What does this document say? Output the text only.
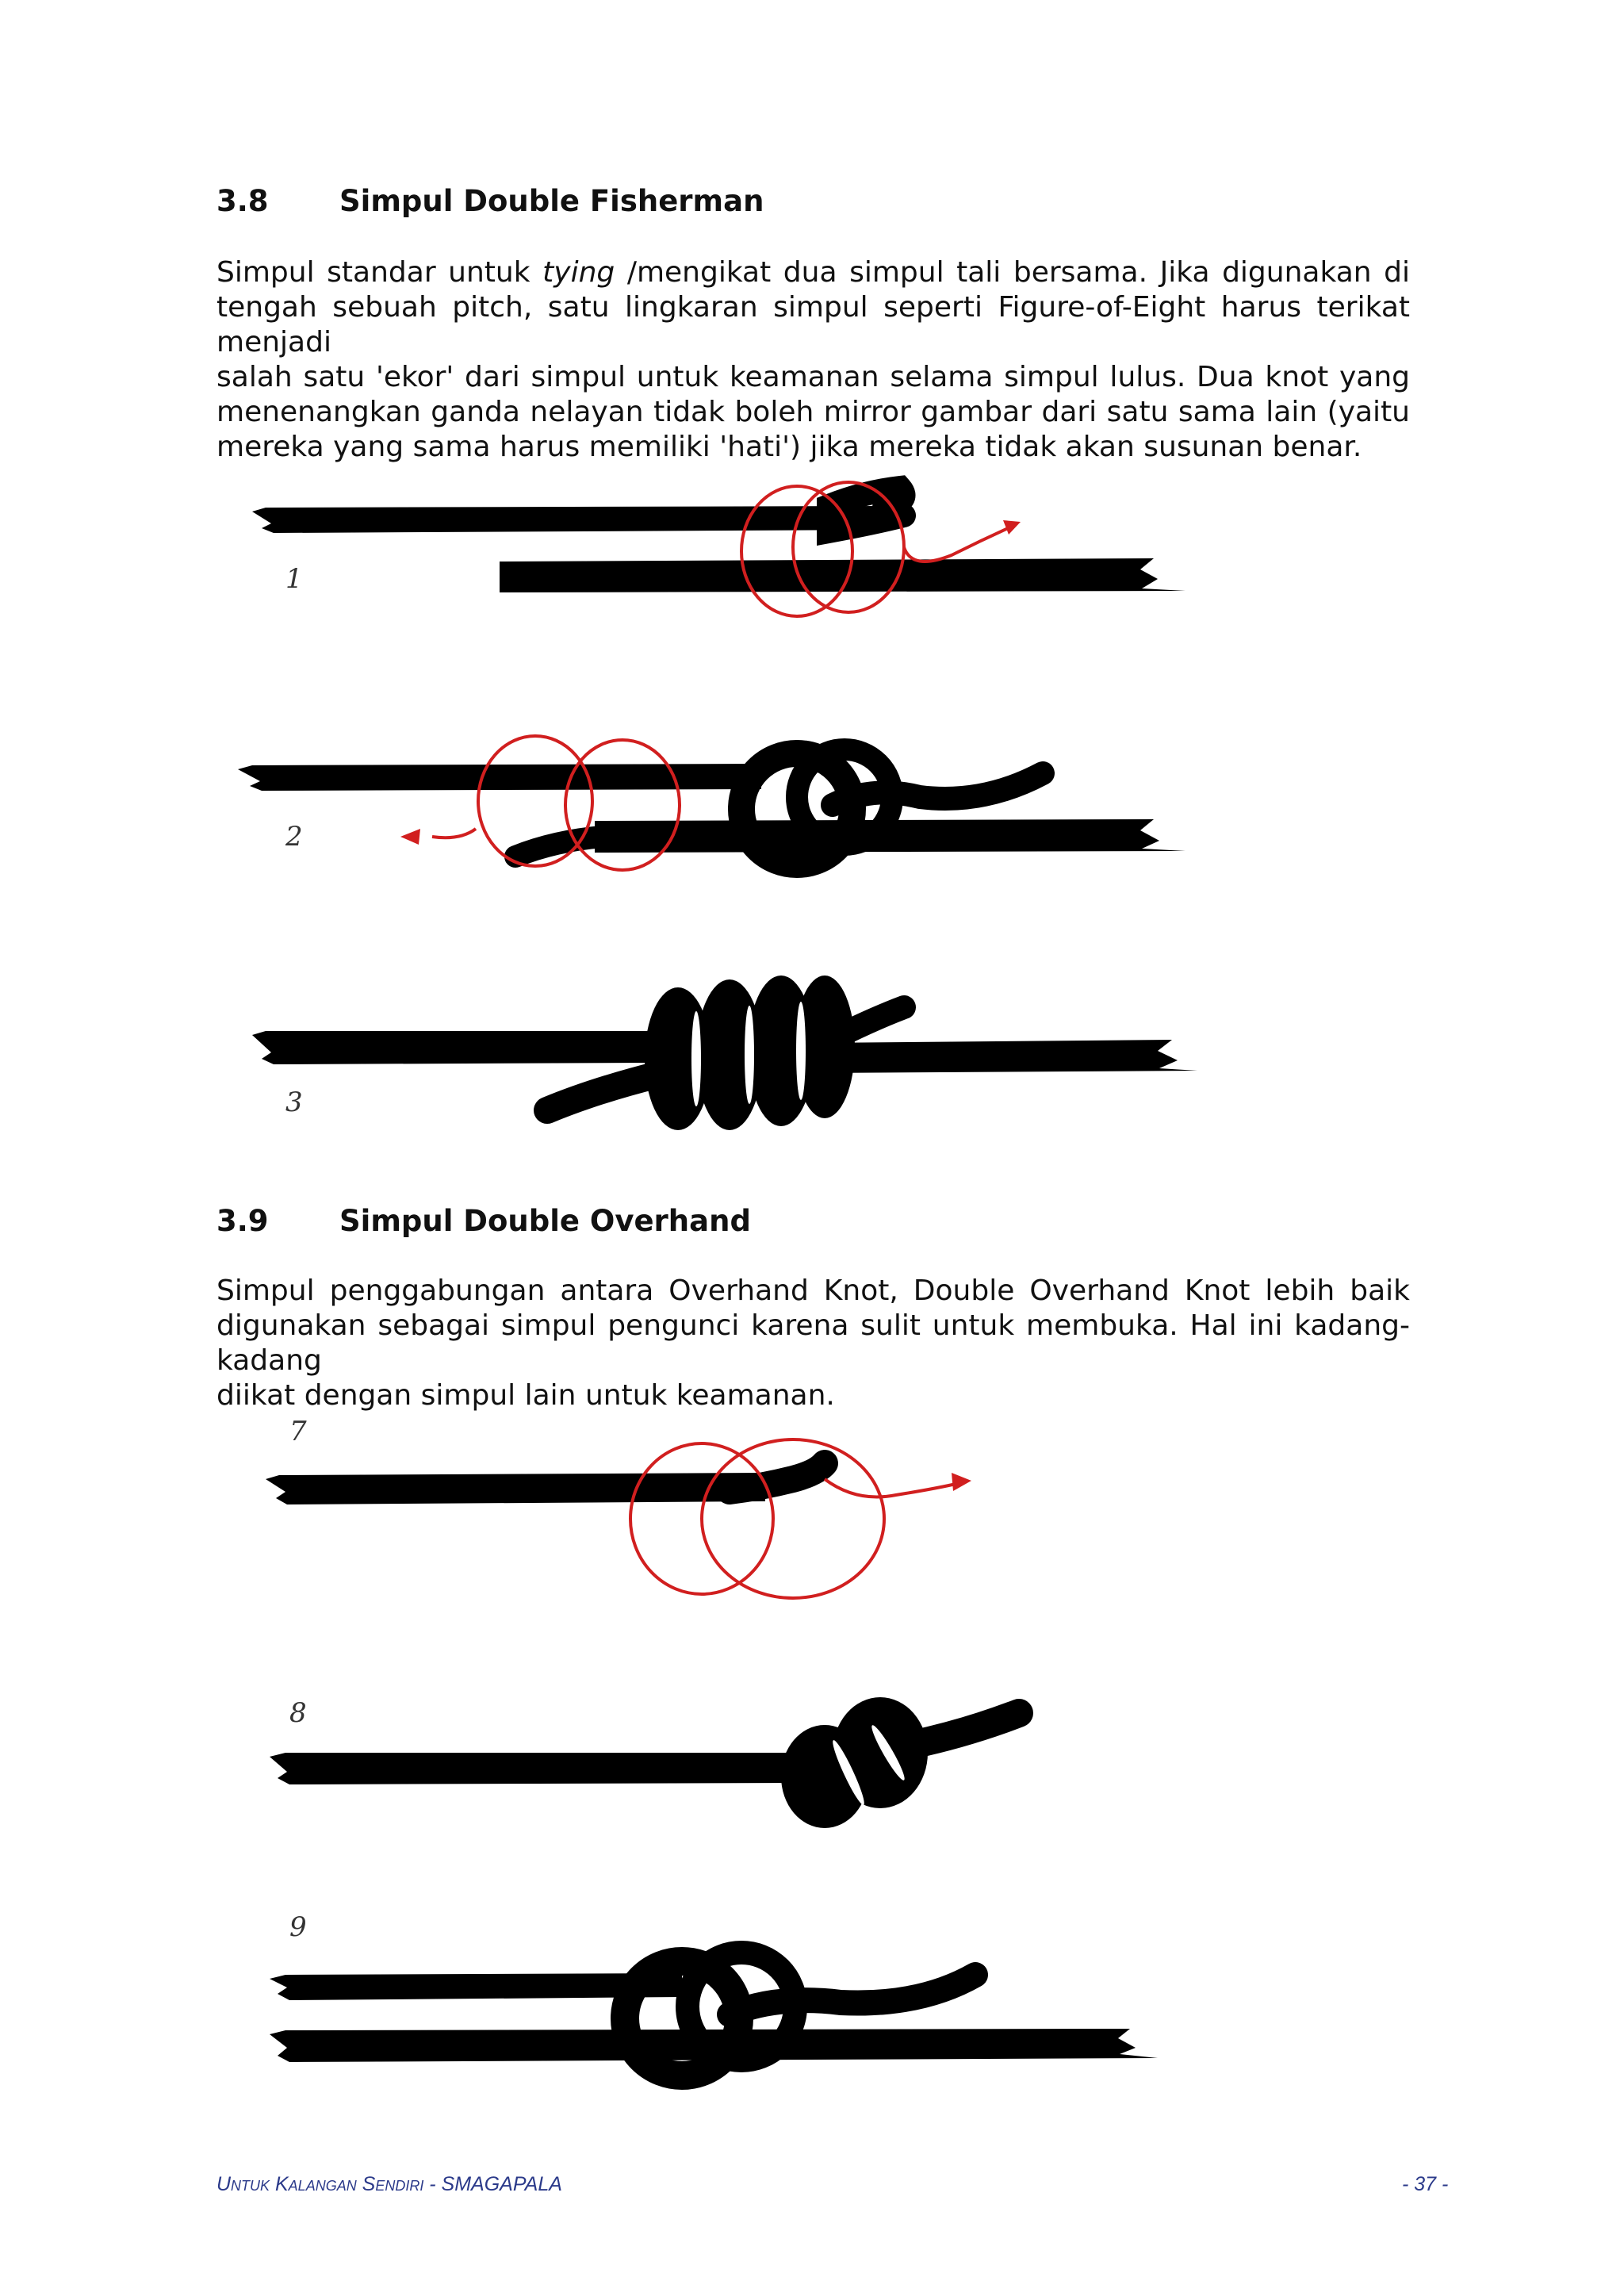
3.8 Simpul Double Fisherman

Simpul standar untuk tying /mengikat dua simpul tali bersama. Jika digunakan di
tengah sebuah pitch, satu lingkaran simpul seperti Figure-of-Eight harus terikat menjadi
salah satu 'ekor' dari simpul untuk keamanan selama simpul lulus. Dua knot yang
menenangkan ganda nelayan tidak boleh mirror gambar dari satu sama lain (yaitu
mereka yang sama harus memiliki 'hati') jika mereka tidak akan susunan benar.

1
2
3
3.9 Simpul Double Overhand

Simpul penggabungan antara Overhand Knot, Double Overhand Knot lebih baik
digunakan sebagai simpul pengunci karena sulit untuk membuka. Hal ini kadang-kadang
diikat dengan simpul lain untuk keamanan.

7
8
9
Untuk Kalangan Sendiri - SMAGAPALA	- 37 -
